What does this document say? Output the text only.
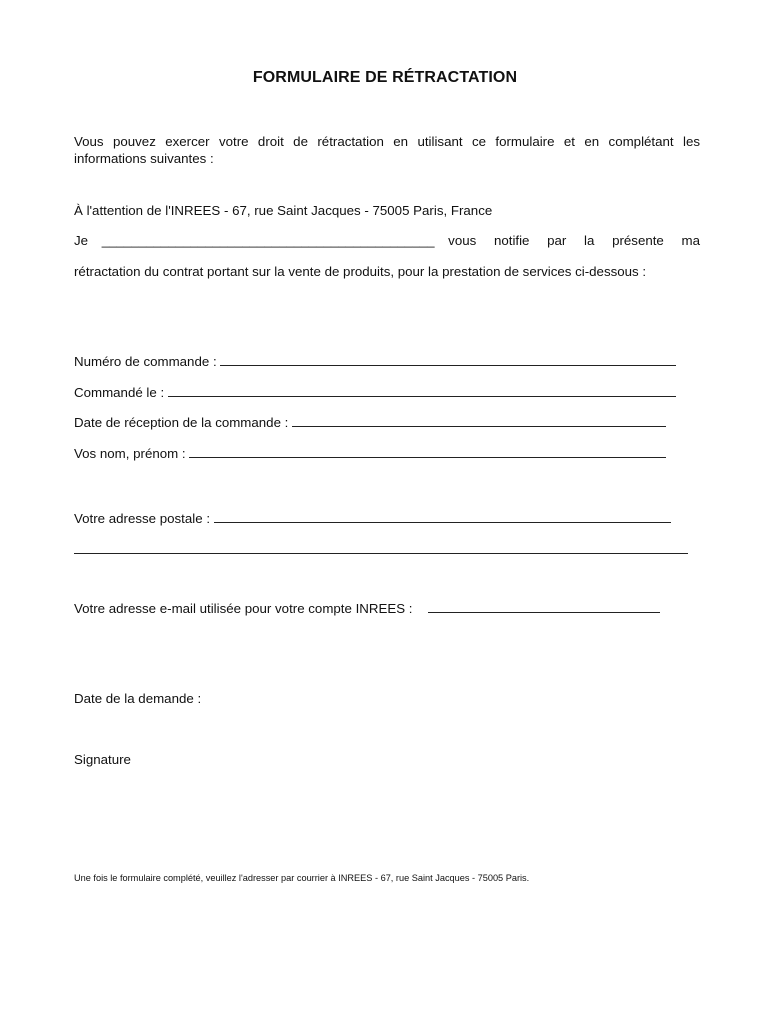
FORMULAIRE DE RÉTRACTATION
Vous pouvez exercer votre droit de rétractation en utilisant ce formulaire et en complétant les
informations suivantes :
À l'attention de l'INREES - 67, rue Saint Jacques - 75005 Paris, France
Je _____________________________________________ vous notifie par la présente ma
rétractation du contrat portant sur la vente de produits, pour la prestation de services ci-dessous :
Numéro de commande :
Commandé le :
Date de réception de la commande :
Vos nom, prénom :
Votre adresse postale :
Votre adresse e-mail utilisée pour votre compte INREES :
Date de la demande :
Signature
Une fois le formulaire complété, veuillez l'adresser par courrier à INREES - 67, rue Saint Jacques - 75005 Paris.
